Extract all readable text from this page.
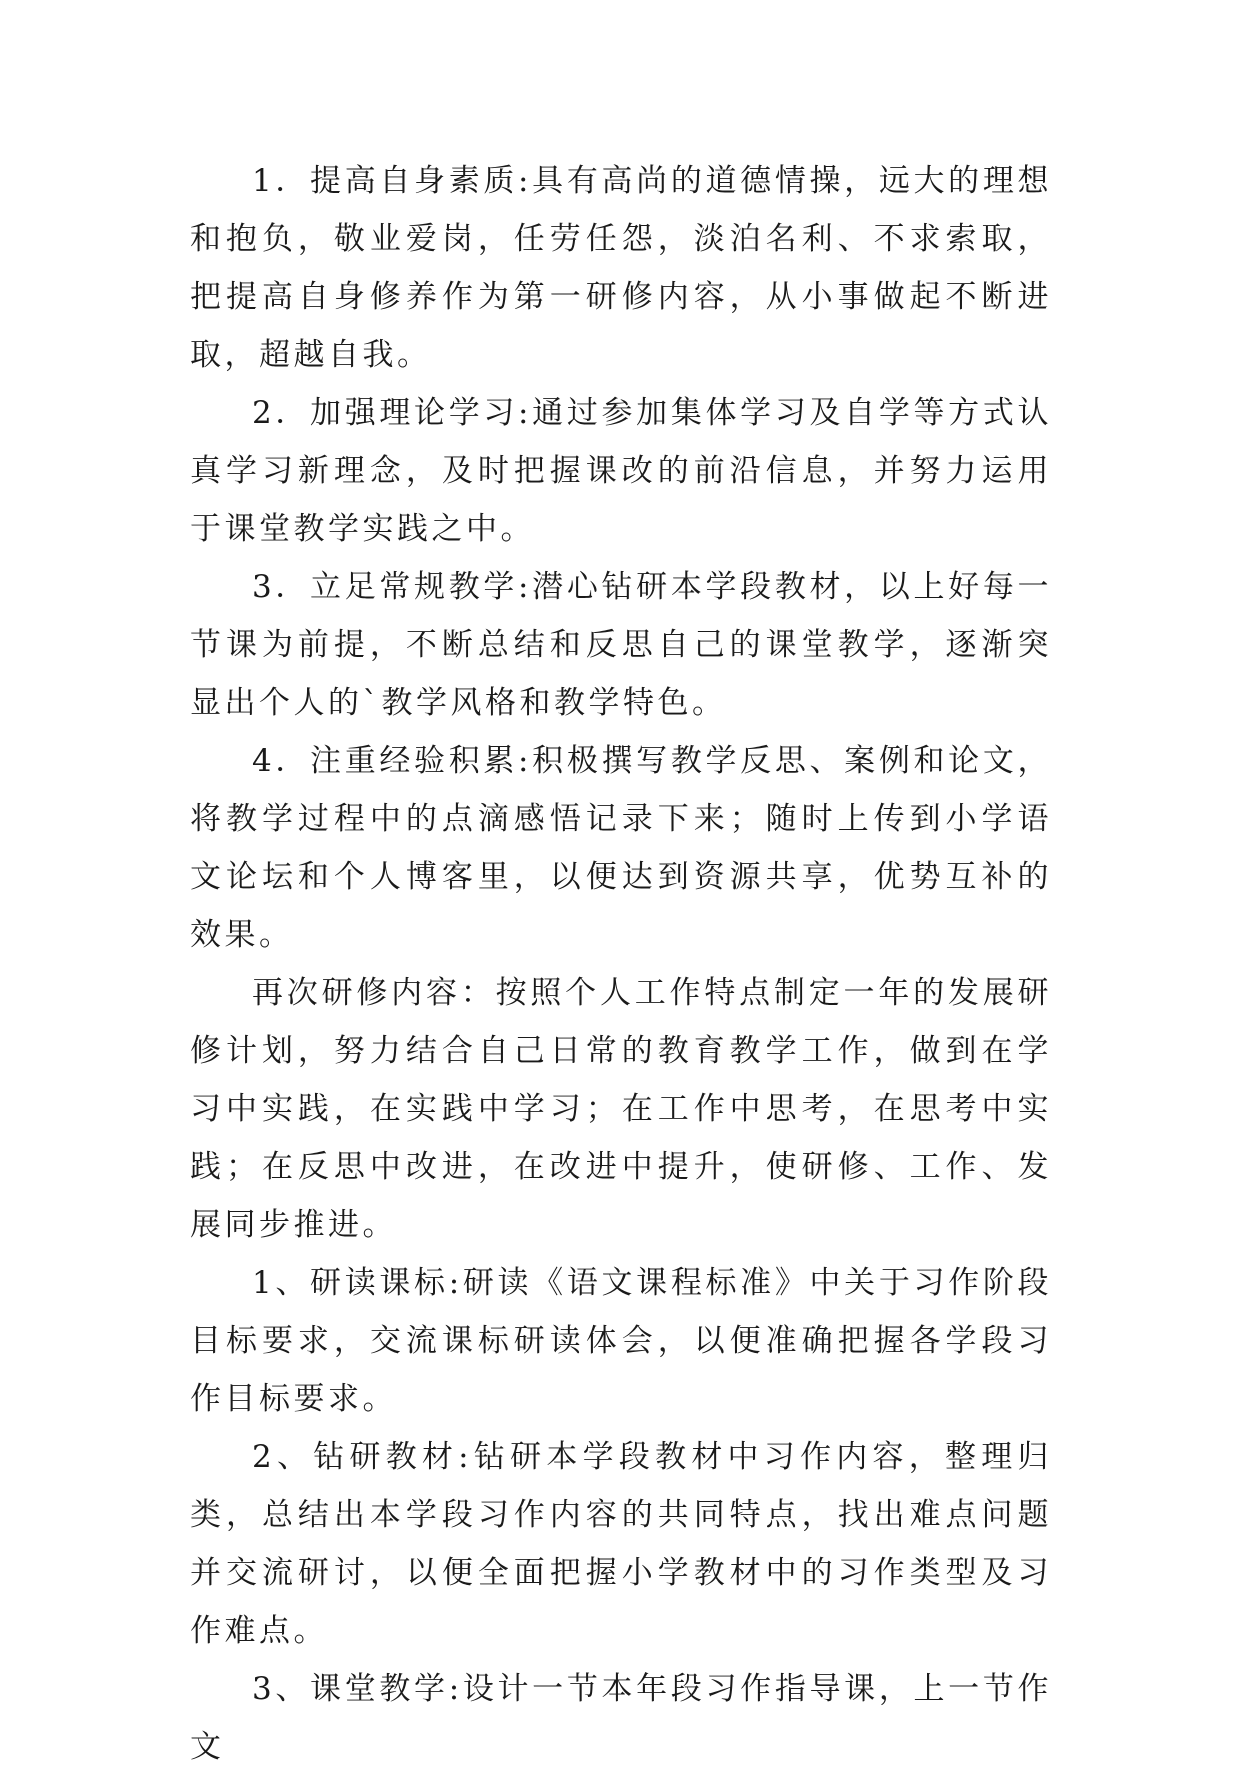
1．提高自身素质:具有高尚的道德情操，远大的理想和抱负，敬业爱岗，任劳任怨，淡泊名利、不求索取，把提高自身修养作为第一研修内容，从小事做起不断进取，超越自我。

2．加强理论学习:通过参加集体学习及自学等方式认真学习新理念，及时把握课改的前沿信息，并努力运用于课堂教学实践之中。

3．立足常规教学:潜心钻研本学段教材，以上好每一节课为前提，不断总结和反思自己的课堂教学，逐渐突显出个人的`教学风格和教学特色。

4．注重经验积累:积极撰写教学反思、案例和论文，将教学过程中的点滴感悟记录下来；随时上传到小学语文论坛和个人博客里，以便达到资源共享，优势互补的效果。

再次研修内容：按照个人工作特点制定一年的发展研修计划，努力结合自己日常的教育教学工作，做到在学习中实践，在实践中学习；在工作中思考，在思考中实践；在反思中改进，在改进中提升，使研修、工作、发展同步推进。

1、研读课标:研读《语文课程标准》中关于习作阶段目标要求，交流课标研读体会，以便准确把握各学段习作目标要求。

2、钻研教材:钻研本学段教材中习作内容，整理归类，总结出本学段习作内容的共同特点，找出难点问题并交流研讨，以便全面把握小学教材中的习作类型及习作难点。

3、课堂教学:设计一节本年段习作指导课，上一节作文
